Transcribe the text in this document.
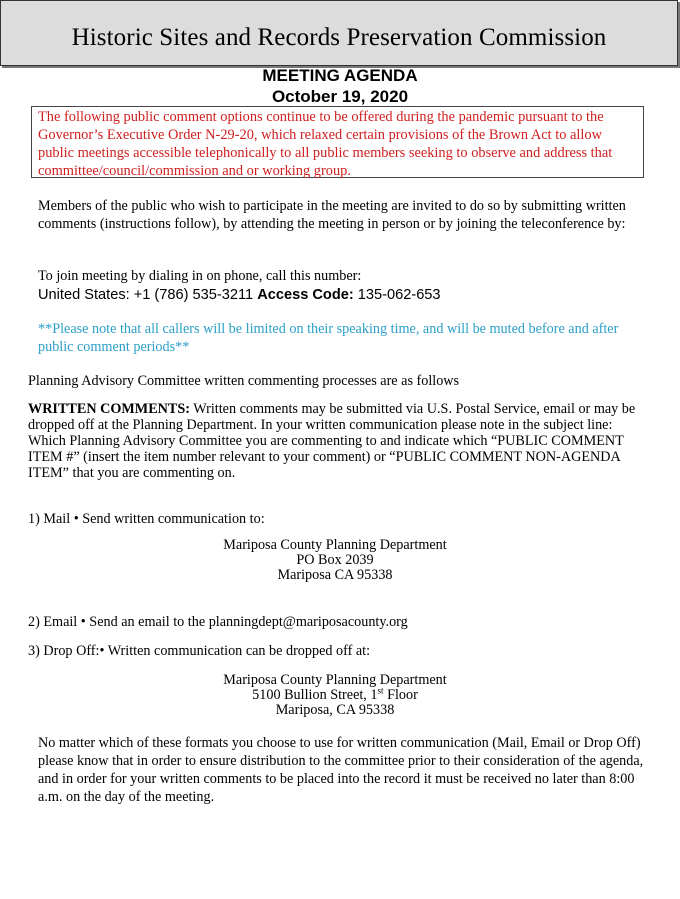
Historic Sites and Records Preservation Commission
MEETING AGENDA
October 19, 2020
The following public comment options continue to be offered during the pandemic pursuant to the Governor’s Executive Order N-29-20, which relaxed certain provisions of the Brown Act to allow public meetings accessible telephonically to all public members seeking to observe and address that committee/council/commission and or working group.
Members of the public who wish to participate in the meeting are invited to do so by submitting written comments (instructions follow), by attending the meeting in person or by joining the teleconference by:
To join meeting by dialing in on phone, call this number:
United States: +1 (786) 535-3211 Access Code: 135-062-653
**Please note that all callers will be limited on their speaking time, and will be muted before and after public comment periods**
Planning Advisory Committee written commenting processes are as follows
WRITTEN COMMENTS: Written comments may be submitted via U.S. Postal Service, email or may be dropped off at the Planning Department. In your written communication please note in the subject line: Which Planning Advisory Committee you are commenting to and indicate which “PUBLIC COMMENT ITEM #” (insert the item number relevant to your comment) or “PUBLIC COMMENT NON-AGENDA ITEM” that you are commenting on.
1) Mail • Send written communication to:
Mariposa County Planning Department
PO Box 2039
Mariposa CA 95338
2) Email • Send an email to the planningdept@mariposacounty.org
3) Drop Off:• Written communication can be dropped off at:
Mariposa County Planning Department
5100 Bullion Street, 1st Floor
Mariposa, CA 95338
No matter which of these formats you choose to use for written communication (Mail, Email or Drop Off) please know that in order to ensure distribution to the committee prior to their consideration of the agenda, and in order for your written comments to be placed into the record it must be received no later than 8:00 a.m. on the day of the meeting.
